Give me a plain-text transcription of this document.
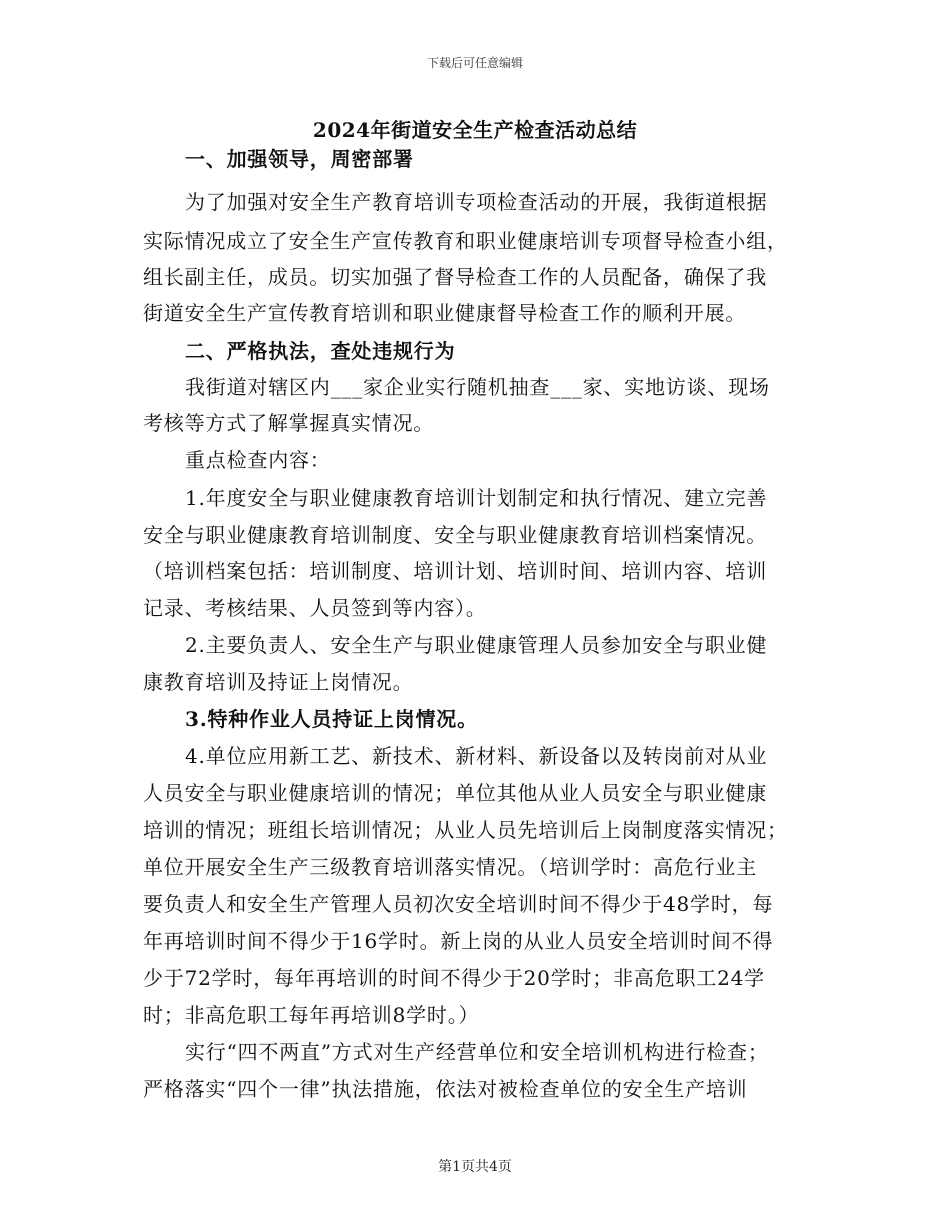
下载后可任意编辑
2024年街道安全生产检查活动总结
一、加强领导，周密部署
为了加强对安全生产教育培训专项检查活动的开展，我街道根据
实际情况成立了安全生产宣传教育和职业健康培训专项督导检查小组，
组长副主任，成员。切实加强了督导检查工作的人员配备，确保了我
街道安全生产宣传教育培训和职业健康督导检查工作的顺利开展。
二、严格执法，查处违规行为
我街道对辖区内___家企业实行随机抽查___家、实地访谈、现场
考核等方式了解掌握真实情况。
重点检查内容：
1.年度安全与职业健康教育培训计划制定和执行情况、建立完善
安全与职业健康教育培训制度、安全与职业健康教育培训档案情况。
（培训档案包括：培训制度、培训计划、培训时间、培训内容、培训
记录、考核结果、人员签到等内容）。
2.主要负责人、安全生产与职业健康管理人员参加安全与职业健
康教育培训及持证上岗情况。
3.特种作业人员持证上岗情况。
4.单位应用新工艺、新技术、新材料、新设备以及转岗前对从业
人员安全与职业健康培训的情况；单位其他从业人员安全与职业健康
培训的情况；班组长培训情况；从业人员先培训后上岗制度落实情况；
单位开展安全生产三级教育培训落实情况。（培训学时：高危行业主
要负责人和安全生产管理人员初次安全培训时间不得少于48学时，每
年再培训时间不得少于16学时。新上岗的从业人员安全培训时间不得
少于72学时，每年再培训的时间不得少于20学时；非高危职工24学
时；非高危职工每年再培训8学时。）
实行“四不两直”方式对生产经营单位和安全培训机构进行检查；
严格落实“四个一律”执法措施，依法对被检查单位的安全生产培训
第1页共4页
